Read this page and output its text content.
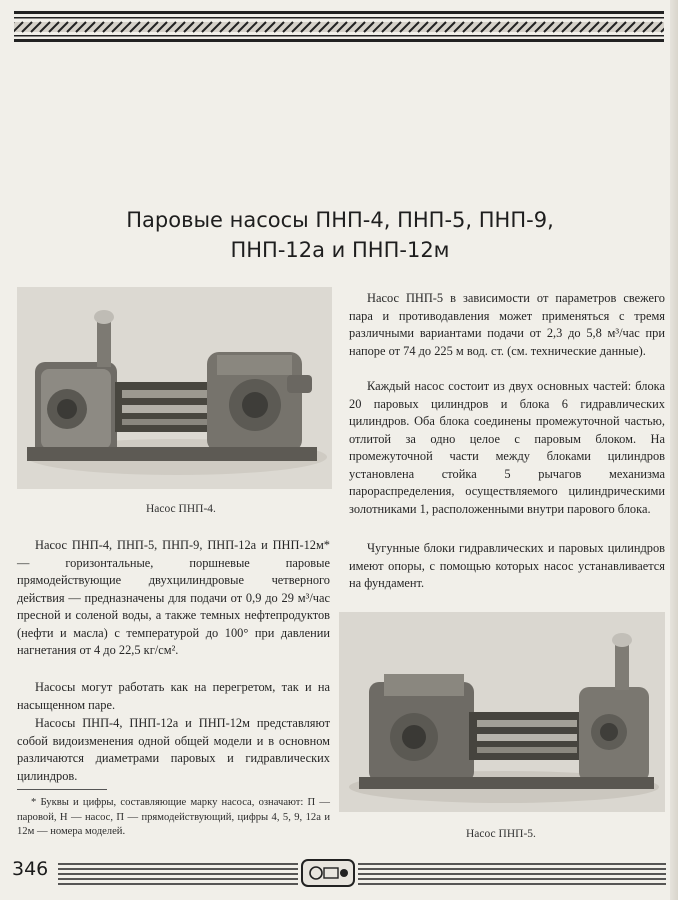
Паровые насосы ПНП-4, ПНП-5, ПНП-9,
ПНП-12а и ПНП-12м
Насос ПНП-4.

Насос ПНП-4, ПНП-5, ПНП-9, ПНП-12а и ПНП-12м* — горизонтальные, поршневые паровые прямодействующие двухцилиндровые четверного действия — предназначены для подачи от 0,9 до 29 м³/час пресной и соленой воды, а также темных нефтепродуктов (нефти и масла) с температурой до 100° при давлении нагнетания от 4 до 22,5 кг/см².

Насосы могут работать как на перегретом, так и на насыщенном паре.

Насосы ПНП-4, ПНП-12а и ПНП-12м представляют собой видоизменения одной общей модели и в основном различаются диаметрами паровых и гидравлических цилиндров.

* Буквы и цифры, составляющие марку насоса, означают: П — паровой, Н — насос, П — прямодействующий, цифры 4, 5, 9, 12а и 12м — номера моделей.

Насос ПНП-5 в зависимости от параметров свежего пара и противодавления может применяться с тремя различными вариантами подачи от 2,3 до 5,8 м³/час при напоре от 74 до 225 м вод. ст. (см. технические данные).

Каждый насос состоит из двух основных частей: блока 20 паровых цилиндров и блока 6 гидравлических цилиндров. Оба блока соединены промежуточной частью, отлитой за одно целое с паровым блоком. На промежуточной части между блоками цилиндров установлена стойка 5 рычагов механизма парораспределения, осуществляемого цилиндрическими золотниками 1, расположенными внутри парового блока.

Чугунные блоки гидравлических и паровых цилиндров имеют опоры, с помощью которых насос устанавливается на фундамент.

Насос ПНП-5.
346
